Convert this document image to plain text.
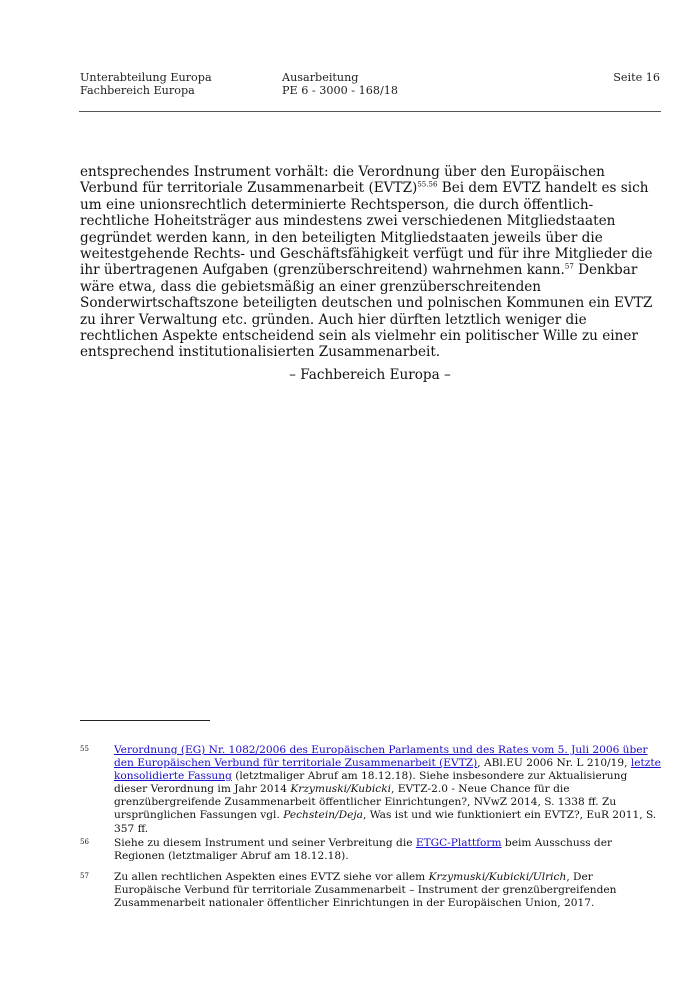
Unterabteilung Europa
Fachbereich Europa
Ausarbeitung
PE 6 - 3000 - 168/18
Seite 16

entsprechendes Instrument vorhält: die Verordnung über den Europäischen Verbund für territoriale Zusammenarbeit (EVTZ)$^{55.56}$ Bei dem EVTZ handelt es sich um eine unionsrechtlich determinierte Rechtsperson, die durch öffentlich-rechtliche Hoheitsträger aus mindestens zwei verschiedenen Mitgliedstaaten gegründet werden kann, in den beteiligten Mitgliedstaaten jeweils über die weitestgehende Rechts- und Geschäftsfähigkeit verfügt und für ihre Mitglieder die ihr übertragenen Aufgaben (grenzüberschreitend) wahrnehmen kann.$^{57}$ Denkbar wäre etwa, dass die gebietsmäßig an einer grenzüberschreitenden Sonderwirtschaftszone beteiligten deutschen und polnischen Kommunen ein EVTZ zu ihrer Verwaltung etc. gründen. Auch hier dürften letztlich weniger die rechtlichen Aspekte entscheidend sein als vielmehr ein politischer Wille zu einer entsprechend institutionalisierten Zusammenarbeit.

– Fachbereich Europa –
55 Verordnung (EG) Nr. 1082/2006 des Europäischen Parlaments und des Rates vom 5. Juli 2006 über den Europäischen Verbund für territoriale Zusammenarbeit (EVTZ), ABl.EU 2006 Nr. L 210/19, letzte konsolidierte Fassung (letztmaliger Abruf am 18.12.18). Siehe insbesondere zur Aktualisierung dieser Verordnung im Jahr 2014 Krzymuski/Kubicki, EVTZ-2.0 - Neue Chance für die grenzübergreifende Zusammenarbeit öffentlicher Einrichtungen?, NVwZ 2014, S. 1338 ff. Zu ursprünglichen Fassungen vgl. Pechstein/Deja, Was ist und wie funktioniert ein EVTZ?, EuR 2011, S. 357 ff.
56 Siehe zu diesem Instrument und seiner Verbreitung die ETGC-Plattform beim Ausschuss der Regionen (letztmaliger Abruf am 18.12.18).
57 Zu allen rechtlichen Aspekten eines EVTZ siehe vor allem Krzymuski/Kubicki/Ulrich, Der Europäische Verbund für territoriale Zusammenarbeit – Instrument der grenzübergreifenden Zusammenarbeit nationaler öffentlicher Einrichtungen in der Europäischen Union, 2017.
